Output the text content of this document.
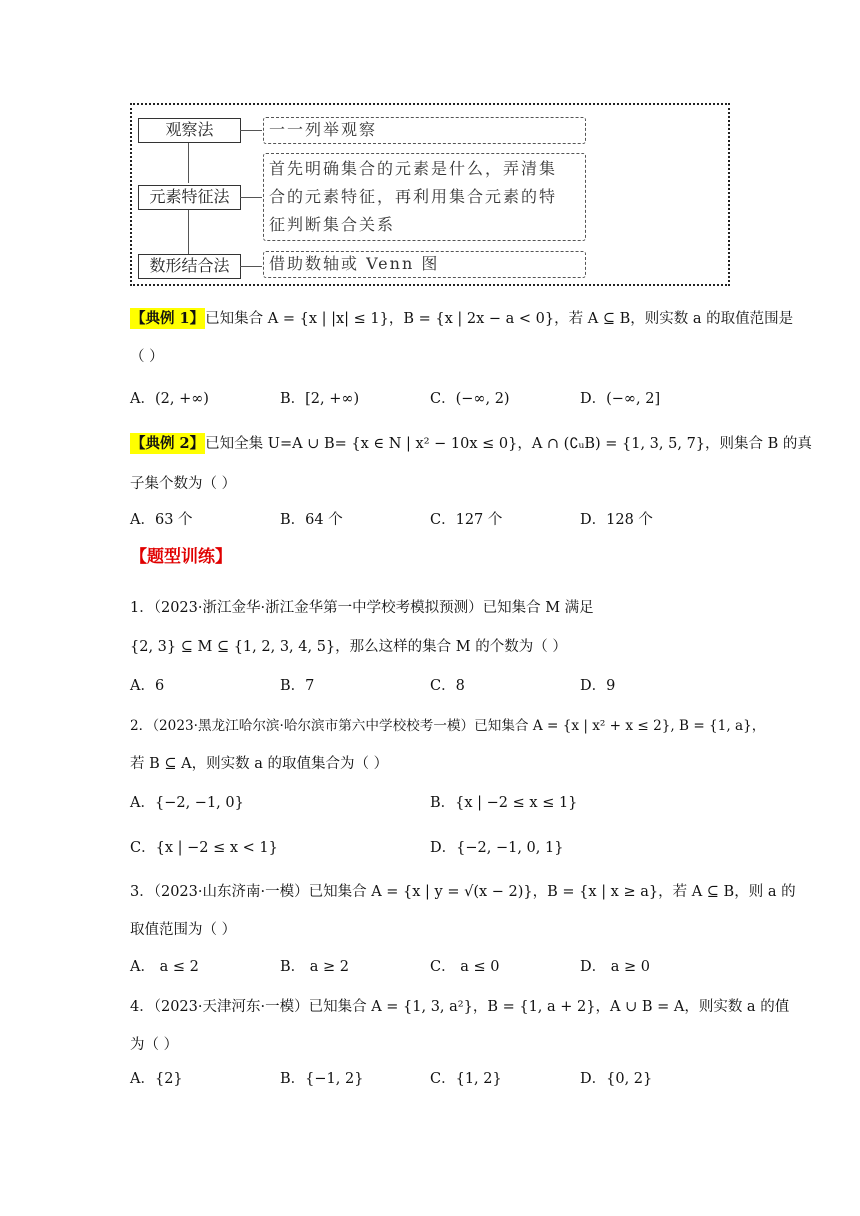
观察法
元素特征法
数形结合法
一一列举观察
首先明确集合的元素是什么，弄清集
合的元素特征，再利用集合元素的特
征判断集合关系
借助数轴或 Venn 图
【典例 1】已知集合 A = {x | |x| ≤ 1}，B = {x | 2x − a < 0}，若 A ⊆ B，则实数 a 的取值范围是
（ ）
A．(2, +∞)	B．[2, +∞)	C．(−∞, 2)	D．(−∞, 2]
【典例 2】已知全集 U=A ∪ B= {x ∈ N | x² − 10x ≤ 0}，A ∩ (∁ᵤB) = {1, 3, 5, 7}，则集合 B 的真
子集个数为（ ）
A．63 个	B．64 个	C．127 个	D．128 个
【题型训练】
1．（2023·浙江金华·浙江金华第一中学校考模拟预测）已知集合 M 满足
{2, 3} ⊆ M ⊆ {1, 2, 3, 4, 5}，那么这样的集合 M 的个数为（ ）
A．6	B．7	C．8	D．9
2．（2023·黑龙江哈尔滨·哈尔滨市第六中学校校考一模）已知集合 A = {x | x² + x ≤ 2}, B = {1, a}，
若 B ⊆ A，则实数 a 的取值集合为（ ）
A．{−2, −1, 0}	B．{x | −2 ≤ x ≤ 1}
C．{x | −2 ≤ x < 1}	D．{−2, −1, 0, 1}
3．（2023·山东济南·一模）已知集合 A = {x | y = √(x − 2)}，B = {x | x ≥ a}，若 A ⊆ B，则 a 的
取值范围为（ ）
A． a ≤ 2	B． a ≥ 2	C． a ≤ 0	D． a ≥ 0
4．（2023·天津河东·一模）已知集合 A = {1, 3, a²}，B = {1, a + 2}，A ∪ B = A，则实数 a 的值
为（ ）
A．{2}	B．{−1, 2}	C．{1, 2}	D．{0, 2}
